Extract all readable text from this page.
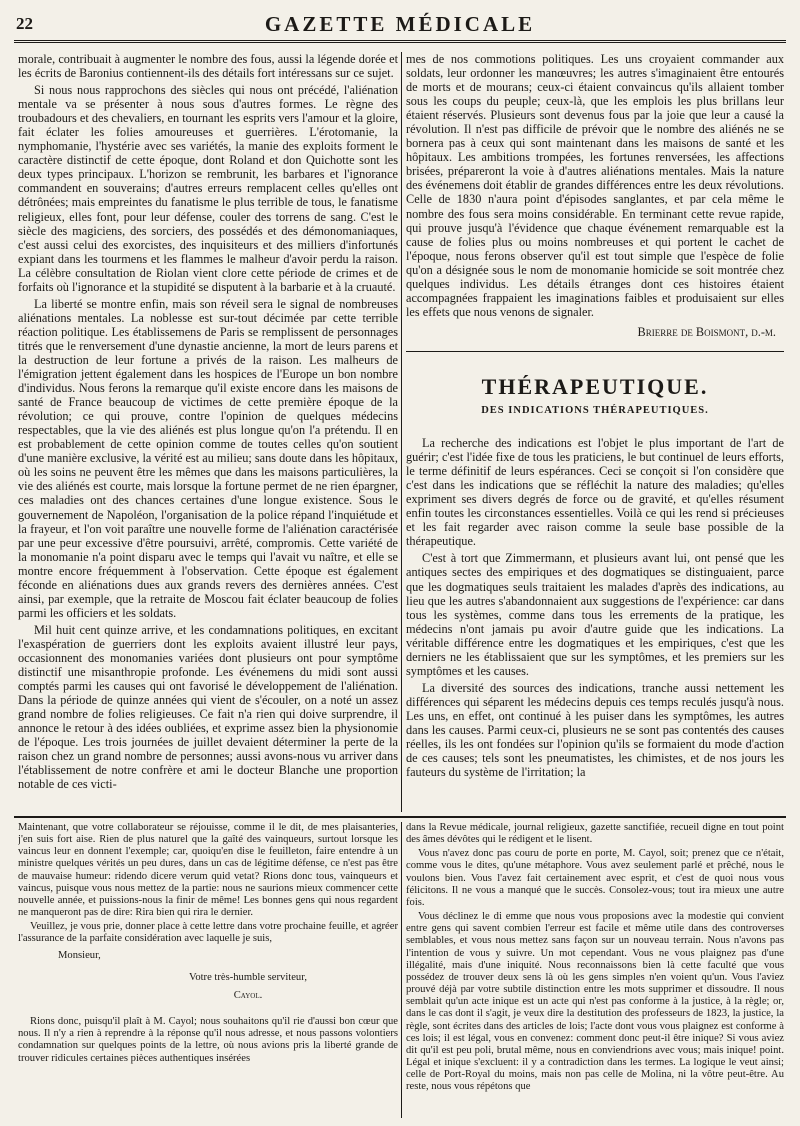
22	GAZETTE MÉDICALE

morale, contribuait à augmenter le nombre des fous, aussi la légende dorée et les écrits de Baronius contiennent-ils des détails fort intéressans sur ce sujet.

Si nous nous rapprochons des siècles qui nous ont précédé, l'aliénation mentale va se présenter à nous sous d'autres formes. Le règne des troubadours et des chevaliers, en tournant les esprits vers l'amour et la gloire, fait éclater les folies amoureuses et guerrières. L'érotomanie, la nymphomanie, l'hystérie avec ses variétés, la manie des exploits forment le caractère distinctif de cette époque, dont Roland et don Quichotte sont les deux types principaux. L'horizon se rembrunit, les barbares et l'ignorance commandent en souverains; d'autres erreurs remplacent celles qu'elles ont détrônées; mais empreintes du fanatisme le plus terrible de tous, le fanatisme religieux, elles font, pour leur défense, couler des torrens de sang. C'est le siècle des magiciens, des sorciers, des possédés et des démonomaniaques, c'est aussi celui des exorcistes, des inquisiteurs et des milliers d'infortunés expiant dans les tourmens et les flammes le malheur d'avoir perdu la raison. La célèbre consultation de Riolan vient clore cette période de crimes et de forfaits où l'ignorance et la stupidité se disputent à la barbarie et à la cruauté.

La liberté se montre enfin, mais son réveil sera le signal de nombreuses aliénations mentales. La noblesse est sur-tout décimée par cette terrible réaction politique. Les établissemens de Paris se remplissent de personnages titrés que le renversement d'une dynastie ancienne, la mort de leurs parens et la destruction de leur fortune a privés de la raison. Les malheurs de l'émigration jettent également dans les hospices de l'Europe un bon nombre d'individus. Nous ferons la remarque qu'il existe encore dans les maisons de santé de France beaucoup de victimes de cette première époque de la révolution; ce qui prouve, contre l'opinion de quelques médecins respectables, que la vie des aliénés est plus longue qu'on l'a prétendu. Il en est probablement de cette opinion comme de toutes celles qu'on soutient d'une manière exclusive, la vérité est au milieu; sans doute dans les hôpitaux, où les soins ne peuvent être les mêmes que dans les maisons particulières, la vie des aliénés est courte, mais lorsque la fortune permet de ne rien épargner, ces maladies ont des chances certaines d'une longue existence. Sous le gouvernement de Napoléon, l'organisation de la police répand l'inquiétude et la frayeur, et l'on voit paraître une nouvelle forme de l'aliénation caractérisée par une peur excessive d'être poursuivi, arrêté, compromis. Cette variété de la monomanie n'a point disparu avec le temps qui l'avait vu naître, et elle se montre encore fréquemment à l'observation. Cette époque est également féconde en aliénations dues aux grands revers des dernières années. C'est ainsi, par exemple, que la retraite de Moscou fait éclater beaucoup de folies parmi les officiers et les soldats.

Mil huit cent quinze arrive, et les condamnations politiques, en excitant l'exaspération de guerriers dont les exploits avaient illustré leur pays, occasionnent des monomanies variées dont plusieurs ont pour symptôme distinctif une misanthropie profonde. Les événemens du midi sont aussi comptés parmi les causes qui ont favorisé le développement de l'aliénation. Dans la période de quinze années qui vient de s'écouler, on a noté un assez grand nombre de folies religieuses. Ce fait n'a rien qui doive surprendre, il annonce le retour à des idées oubliées, et exprime assez bien la physionomie de l'époque. Les trois journées de juillet devaient déterminer la perte de la raison chez un grand nombre de personnes; aussi avons-nous vu arriver dans l'établissement de notre confrère et ami le docteur Blanche une proportion notable de ces victi-

mes de nos commotions politiques. Les uns croyaient commander aux soldats, leur ordonner les manœuvres; les autres s'imaginaient être entourés de morts et de mourans; ceux-ci étaient convaincus qu'ils allaient tomber sous les coups du peuple; ceux-là, que les emplois les plus brillans leur étaient réservés. Plusieurs sont devenus fous par la joie que leur a causé la révolution. Il n'est pas difficile de prévoir que le nombre des aliénés ne se bornera pas à ceux qui sont maintenant dans les maisons de santé et les hôpitaux. Les ambitions trompées, les fortunes renversées, les affections brisées, prépareront la voie à d'autres aliénations mentales. Mais la nature des événemens doit établir de grandes différences entre les deux révolutions. Celle de 1830 n'aura point d'épisodes sanglantes, et par cela même le nombre des fous sera moins considérable. En terminant cette revue rapide, qui prouve jusqu'à l'évidence que chaque événement remarquable est la cause de folies plus ou moins nombreuses et qui portent le cachet de l'époque, nous ferons observer qu'il est tout simple que l'espèce de folie qu'on a désignée sous le nom de monomanie homicide se soit montrée chez quelques individus. Les détails étranges dont ces histoires étaient accompagnées frappaient les imaginations faibles et produisaient sur elles les effets que nous venons de signaler.

Brierre de Boismont, d.-m.
THÉRAPEUTIQUE.
DES INDICATIONS THÉRAPEUTIQUES.

La recherche des indications est l'objet le plus important de l'art de guérir; c'est l'idée fixe de tous les praticiens, le but continuel de leurs efforts, le terme définitif de leurs espérances. Ceci se conçoit si l'on considère que c'est dans les indications que se réfléchit la nature des maladies; qu'elles expriment ses divers degrés de force ou de gravité, et qu'elles résument enfin toutes les circonstances essentielles. Voilà ce qui les rend si précieuses et les fait regarder avec raison comme la seule base possible de la thérapeutique.

C'est à tort que Zimmermann, et plusieurs avant lui, ont pensé que les antiques sectes des empiriques et des dogmatiques se distinguaient, parce que les dogmatiques seuls traitaient les malades d'après des indications, au lieu que les autres s'abandonnaient aux suggestions de l'expérience: car dans tous les systèmes, comme dans tous les errements de la pratique, les médecins n'ont jamais pu avoir d'autre guide que les indications. La véritable différence entre les dogmatiques et les empiriques, c'est que les derniers ne les établissaient que sur les symptômes, et les premiers sur les symptômes et les causes.

La diversité des sources des indications, tranche aussi nettement les différences qui séparent les médecins depuis ces temps reculés jusqu'à nous. Les uns, en effet, ont continué à les puiser dans les symptômes, les autres dans les causes. Parmi ceux-ci, plusieurs ne se sont pas contentés des causes réelles, ils les ont fondées sur l'opinion qu'ils se formaient du mode d'action de ces causes; tels sont les pneumatistes, les chimistes, et de nos jours les fauteurs du système de l'irritation; la

Maintenant, que votre collaborateur se réjouisse, comme il le dit, de mes plaisanteries, j'en suis fort aise. Rien de plus naturel que la gaîté des vainqueurs, surtout lorsque les vaincus leur en donnent l'exemple; car, quoiqu'en dise le feuilleton, faire entendre à un ministre quelques vérités un peu dures, dans un cas de légitime défense, ce n'est pas être de mauvaise humeur: ridendo dicere verum quid vetat? Rions donc tous, vainqueurs et vaincus, puisque vous nous mettez de la partie: nous ne saurions mieux commencer cette nouvelle année, et puissions-nous la finir de même! Les bonnes gens qui nous regardent ne manqueront pas de dire: Rira bien qui rira le dernier.

Veuillez, je vous prie, donner place à cette lettre dans votre prochaine feuille, et agréer l'assurance de la parfaite considération avec laquelle je suis,

Monsieur,
Votre très-humble serviteur,
Cayol.

Rions donc, puisqu'il plaît à M. Cayol; nous souhaitons qu'il rie d'aussi bon cœur que nous. Il n'y a rien à reprendre à la réponse qu'il nous adresse, et nous passons volontiers condamnation sur quelques points de la lettre, où nous avions pris la liberté grande de trouver ridicules certaines pièces authentiques insérées

dans la Revue médicale, journal religieux, gazette sanctifiée, recueil digne en tout point des âmes dévôtes qui le rédigent et le lisent.

Vous n'avez donc pas couru de porte en porte, M. Cayol, soit; prenez que ce n'était, comme vous le dites, qu'une métaphore. Vous avez seulement parlé et prêché, nous le voulons bien. Vous l'avez fait certainement avec esprit, et c'est de quoi nous vous félicitons. Il ne vous a manqué que le succès. Consolez-vous; tout ira mieux une autre fois.

Vous déclinez le di emme que nous vous proposions avec la modestie qui convient entre gens qui savent combien l'erreur est facile et même utile dans des controverses semblables, et vous nous mettez sans façon sur un nouveau terrain. Nous n'avons pas l'intention de vous y suivre. Un mot cependant. Vous ne vous plaignez pas d'une illégalité, mais d'une iniquité. Nous reconnaissons bien là cette faculté que vous possédez de trouver deux sens là où les gens simples n'en voient qu'un. Vous l'aviez prouvé déjà par votre subtile distinction entre les mots supprimer et dissoudre. Il nous semblait qu'un acte inique est un acte qui n'est pas conforme à la justice, à la règle; or, dans le cas dont il s'agit, je veux dire la destitution des professeurs de 1823, la justice, la règle, sont écrites dans des articles de lois; l'acte dont vous vous plaignez est conforme à ces lois; il est légal, vous en convenez: comment donc peut-il être inique? Si vous aviez dit qu'il est peu poli, brutal même, nous en conviendrions avec vous; mais inique! point. Légal et inique s'excluent: il y a contradiction dans les termes. La logique le veut ainsi; celle de Port-Royal du moins, mais non pas celle de Molina, ni la vôtre peut-être. Au reste, nous vous répétons que
